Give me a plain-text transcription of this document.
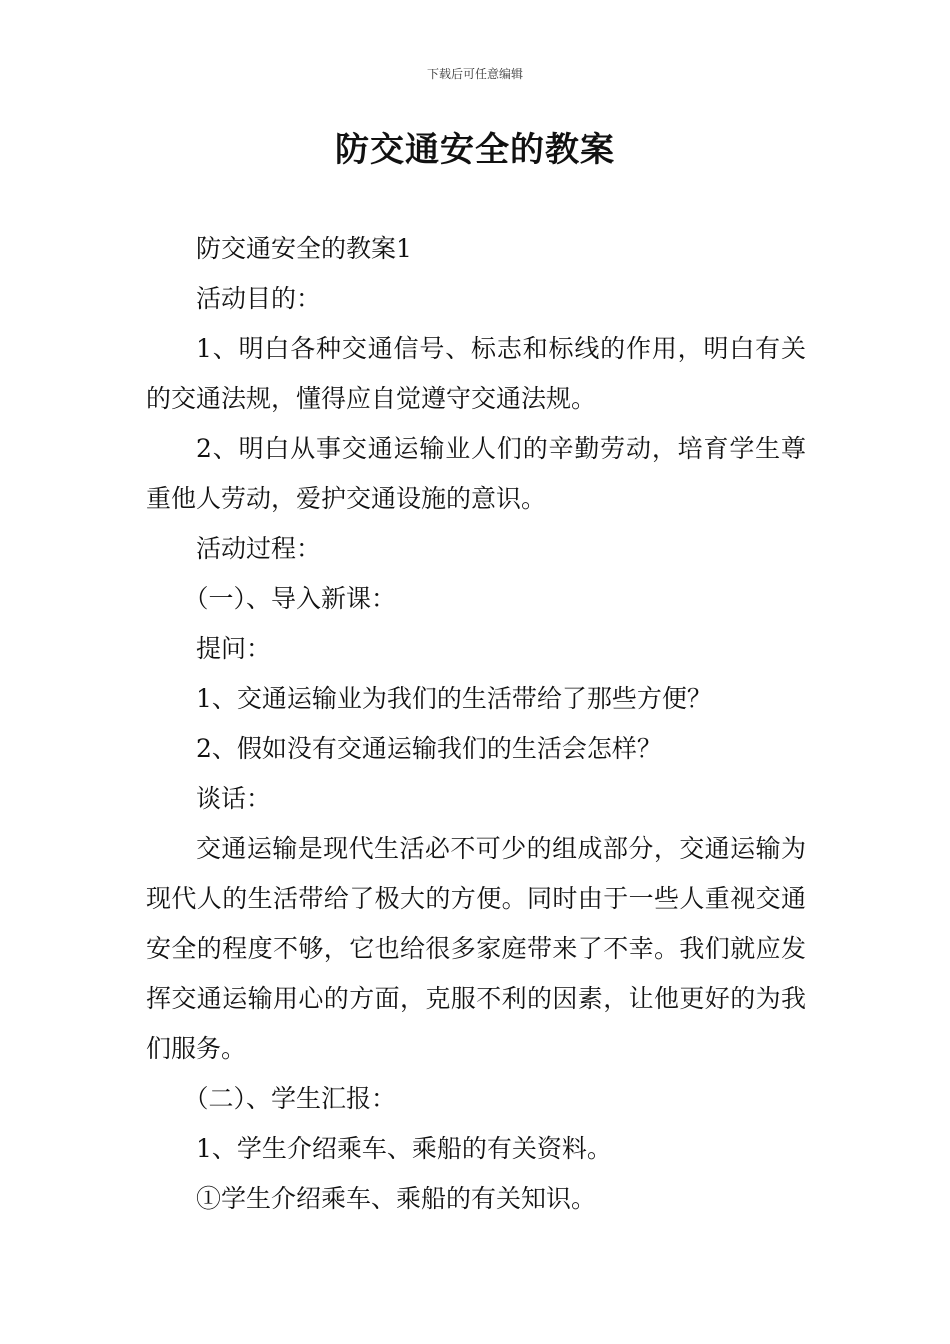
下载后可任意编辑
防交通安全的教案

防交通安全的教案1

活动目的：

1、明白各种交通信号、标志和标线的作用，明白有关的交通法规，懂得应自觉遵守交通法规。

2、明白从事交通运输业人们的辛勤劳动，培育学生尊重他人劳动，爱护交通设施的意识。

活动过程：

（一）、导入新课：

提问：

1、交通运输业为我们的生活带给了那些方便？

2、假如没有交通运输我们的生活会怎样？

谈话：

交通运输是现代生活必不可少的组成部分，交通运输为现代人的生活带给了极大的方便。同时由于一些人重视交通安全的程度不够，它也给很多家庭带来了不幸。我们就应发挥交通运输用心的方面，克服不利的因素，让他更好的为我们服务。

（二）、学生汇报：

1、学生介绍乘车、乘船的有关资料。

①学生介绍乘车、乘船的有关知识。
